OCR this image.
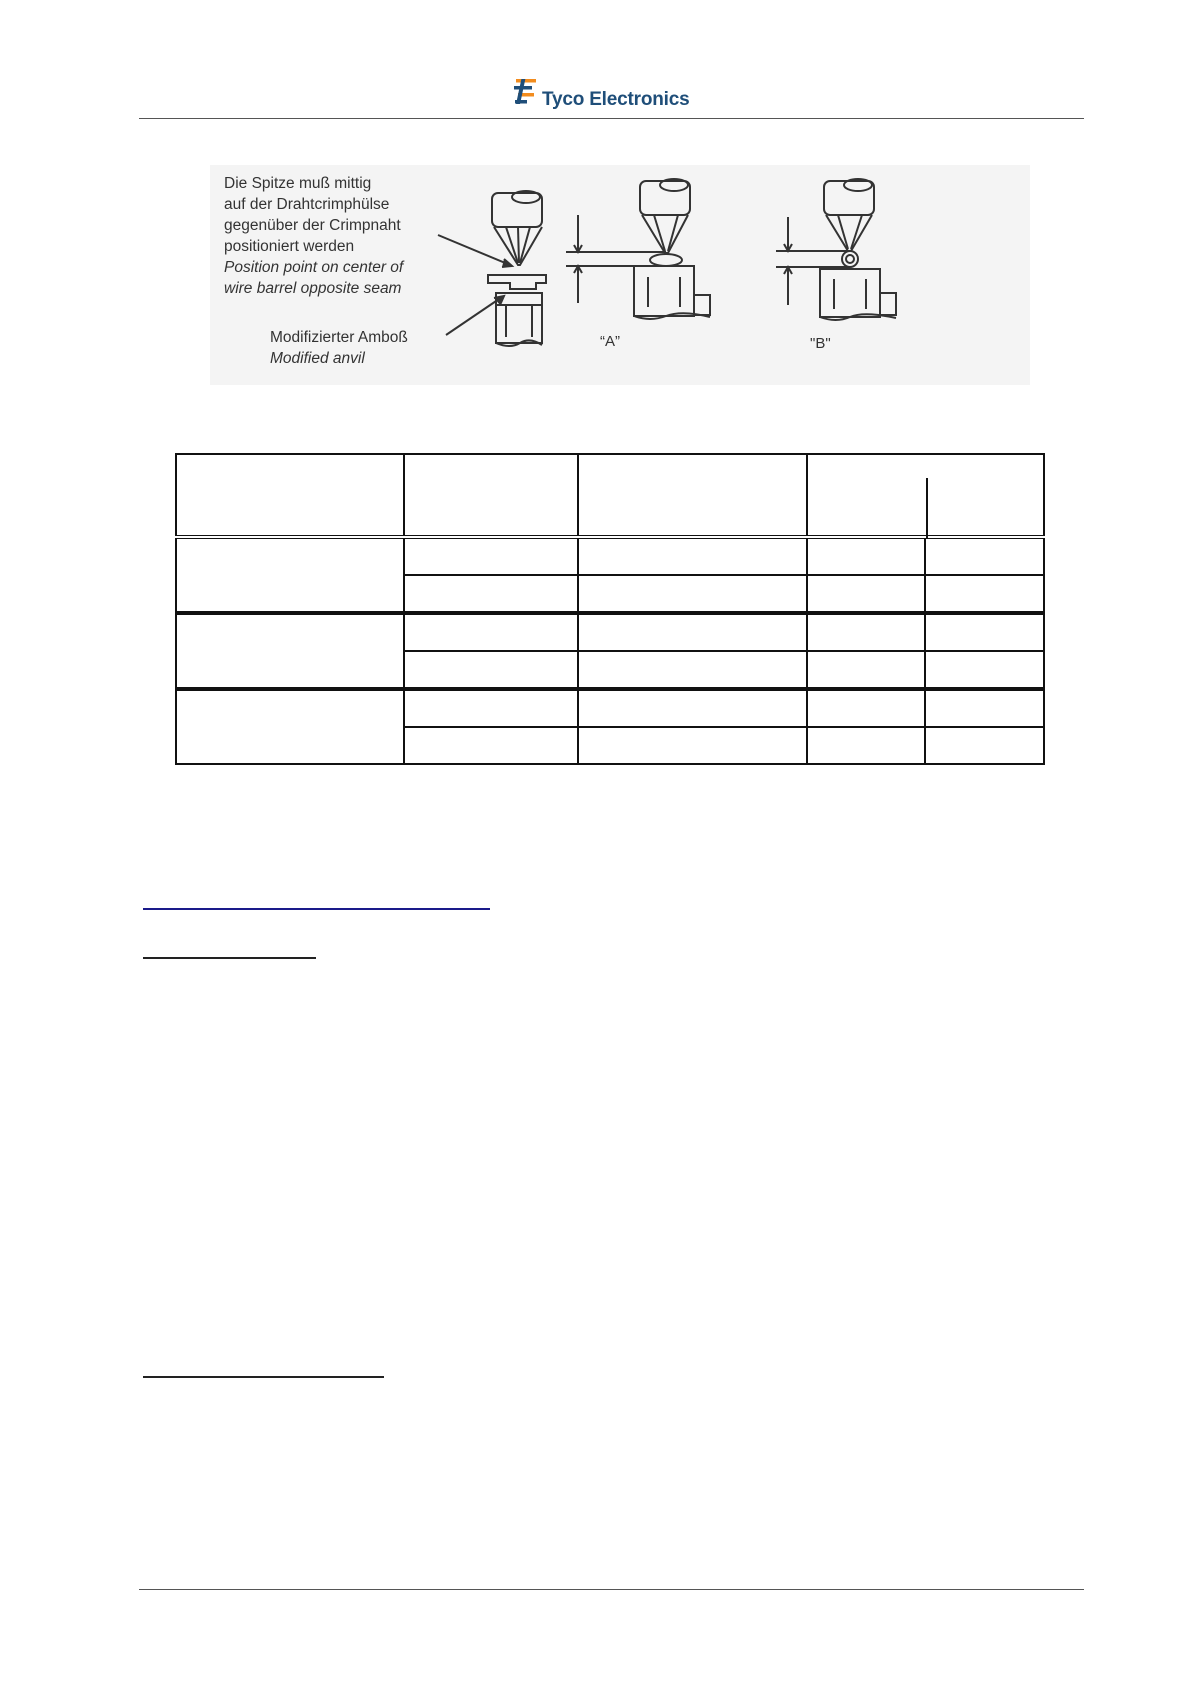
Tyco Electronics
Die Spitze muß mittig
auf der Drahtcrimphülse
gegenüber der Crimpnaht
positioniert werden
Position point on center of
wire barrel opposite seam
Modifizierter Amboß
Modified anvil
“A”	"B"
